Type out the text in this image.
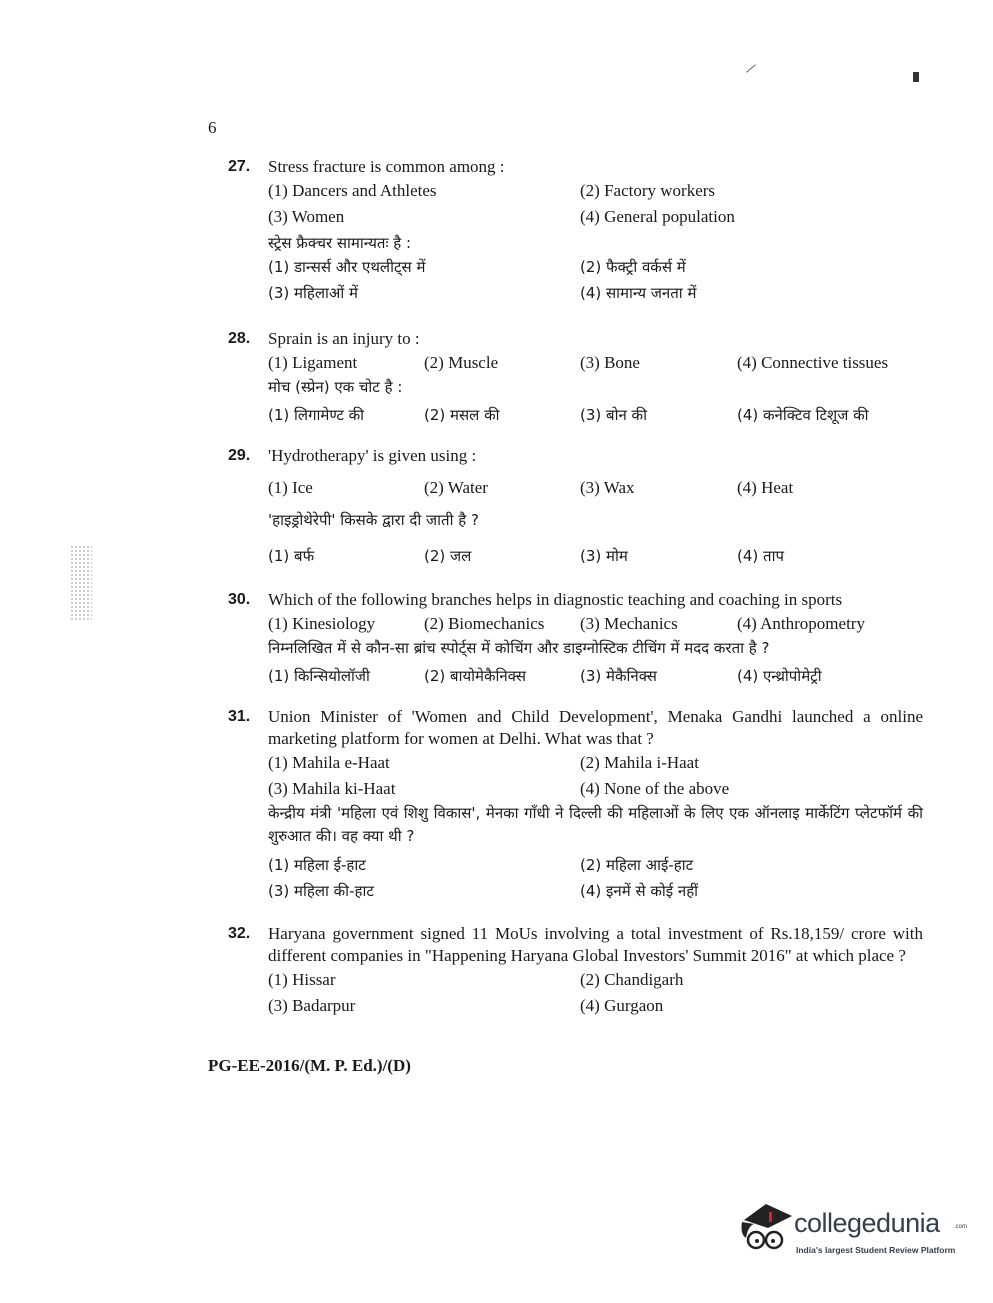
6
27. Stress fracture is common among :
(1) Dancers and Athletes	(2) Factory workers
(3) Women	(4) General population
स्ट्रेस फ्रैक्चर सामान्यतः है :
(1) डान्सर्स और एथलीट्स में	(2) फैक्ट्री वर्कर्स में
(3) महिलाओं में	(4) सामान्य जनता में
28. Sprain is an injury to :
(1) Ligament	(2) Muscle	(3) Bone	(4) Connective tissues
मोच (स्प्रेन) एक चोट है :
(1) लिगामेण्ट की	(2) मसल की	(3) बोन की	(4) कनेक्टिव टिशूज की
29. 'Hydrotherapy' is given using :
(1) Ice	(2) Water	(3) Wax	(4) Heat
'हाइड्रोथेरेपी' किसके द्वारा दी जाती है ?
(1) बर्फ	(2) जल	(3) मोम	(4) ताप
30. Which of the following branches helps in diagnostic teaching and coaching in sports
(1) Kinesiology	(2) Biomechanics (3) Mechanics	(4) Anthropometry
निम्नलिखित में से कौन-सा ब्रांच स्पोर्ट्स में कोचिंग और डाइग्नोस्टिक टीचिंग में मदद करता है ?
(1) किन्सियोलॉजी	(2) बायोमेकैनिक्स	(3) मेकैनिक्स	(4) एन्थ्रोपोमेट्री
31. Union Minister of 'Women and Child Development', Menaka Gandhi launched a online marketing platform for women at Delhi. What was that ?
(1) Mahila e-Haat	(2) Mahila i-Haat
(3) Mahila ki-Haat	(4) None of the above
केन्द्रीय मंत्री 'महिला एवं शिशु विकास', मेनका गाँधी ने दिल्ली की महिलाओं के लिए एक ऑनलाइ मार्केटिंग प्लेटफॉर्म की शुरुआत की। वह क्या थी ?
(1) महिला ई-हाट	(2) महिला आई-हाट
(3) महिला की-हाट	(4) इनमें से कोई नहीं
32. Haryana government signed 11 MoUs involving a total investment of Rs.18,159/ crore with different companies in "Happening Haryana Global Investors' Summit 2016" at which place ?
(1) Hissar	(2) Chandigarh
(3) Badarpur	(4) Gurgaon
PG-EE-2016/(M. P. Ed.)/(D)
collegedunia .com
India's largest Student Review Platform
